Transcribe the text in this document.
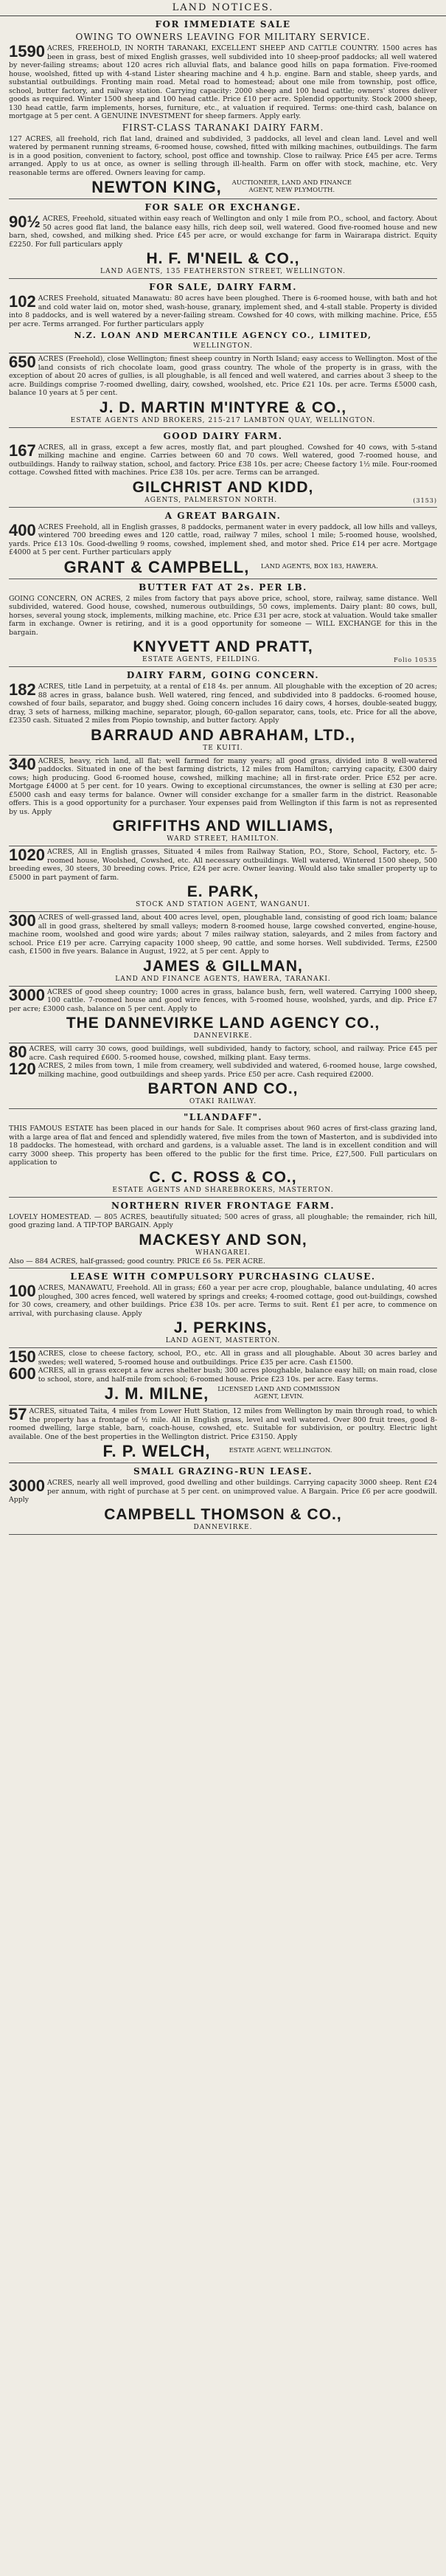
LAND NOTICES.
FOR IMMEDIATE SALE
OWING TO OWNERS LEAVING FOR MILITARY SERVICE.

1590 ACRES, FREEHOLD, IN NORTH TARANAKI, EXCELLENT SHEEP AND CATTLE COUNTRY. 1500 acres has been in grass, best of mixed English grasses, well subdivided into 10 sheep-proof paddocks; all well watered by never-failing streams; about 120 acres rich alluvial flats, and balance good hills on papa formation. Five-roomed house, woolshed, fitted up with 4-stand Lister shearing machine and 4 h.p. engine. Barn and stable, sheep yards, and substantial outbuildings. Fronting main road. Metal road to homestead; about one mile from township, post office, school, butter factory, and railway station. Carrying capacity: 2000 sheep and 100 head cattle; owners' stores deliver goods as required. Winter 1500 sheep and 100 head cattle. Price £10 per acre. Splendid opportunity. Stock 2000 sheep, 130 head cattle, farm implements, horses, furniture, etc., at valuation if required. Terms: one-third cash, balance on mortgage at 5 per cent. A GENUINE INVESTMENT for sheep farmers. Apply early.

FIRST-CLASS TARANAKI DAIRY FARM.

127 ACRES, all freehold, rich flat land, drained and subdivided, 3 paddocks, all level and clean land. Level and well watered by permanent running streams, 6-roomed house, cowshed, fitted with milking machines, outbuildings. The farm is in a good position, convenient to factory, school, post office and township. Close to railway. Price £45 per acre. Terms arranged. Apply to us at once, as owner is selling through ill-health. Farm on offer with stock, machine, etc. Very reasonable terms are offered. Owners leaving for camp.

NEWTON KING,	AUCTIONEER, LAND AND FINANCE AGENT, NEW PLYMOUTH.
FOR SALE OR EXCHANGE.

90½ ACRES, Freehold, situated within easy reach of Wellington and only 1 mile from P.O., school, and factory. About 50 acres good flat land, the balance easy hills, rich deep soil, well watered. Good five-roomed house and new barn, shed, cowshed, and milking shed. Price £45 per acre, or would exchange for farm in Wairarapa district. Equity £2250. For full particulars apply

H. F. M'NEIL & CO.,

LAND AGENTS, 135 FEATHERSTON STREET, WELLINGTON.

FOR SALE, DAIRY FARM.

102 ACRES Freehold, situated Manawatu: 80 acres have been ploughed. There is 6-roomed house, with bath and hot and cold water laid on, motor shed, wash-house, granary, implement shed, and 4-stall stable. Property is divided into 8 paddocks, and is well watered by a never-failing stream. Cowshed for 40 cows, with milking machine. Price, £55 per acre. Terms arranged. For further particulars apply

N.Z. LOAN AND MERCANTILE AGENCY CO., LIMITED,

WELLINGTON.

650 ACRES (Freehold), close Wellington; finest sheep country in North Island; easy access to Wellington. Most of the land consists of rich chocolate loam, good grass country. The whole of the property is in grass, with the exception of about 20 acres of gullies, is all ploughable, is all fenced and well watered, and carries about 3 sheep to the acre. Buildings comprise 7-roomed dwelling, dairy, cowshed, woolshed, etc. Price £21 10s. per acre. Terms £5000 cash, balance 10 years at 5 per cent.

J. D. MARTIN M'INTYRE & CO.,

ESTATE AGENTS AND BROKERS, 215-217 LAMBTON QUAY, WELLINGTON.

GOOD DAIRY FARM.

167 ACRES, all in grass, except a few acres, mostly flat, and part ploughed. Cowshed for 40 cows, with 5-stand milking machine and engine. Carries between 60 and 70 cows. Well watered, good 7-roomed house, and outbuildings. Handy to railway station, school, and factory. Price £38 10s. per acre; Cheese factory 1½ mile. Four-roomed cottage. Cowshed fitted with machines. Price £38 10s. per acre. Terms can be arranged.

GILCHRIST AND KIDD,

AGENTS, PALMERSTON NORTH.	(3153)

A GREAT BARGAIN.

400 ACRES Freehold, all in English grasses, 8 paddocks, permanent water in every paddock, all low hills and valleys, wintered 700 breeding ewes and 120 cattle, road, railway 7 miles, school 1 mile; 5-roomed house, woolshed, yards. Price £13 10s. Good-dwelling 9 rooms, cowshed, implement shed, and motor shed. Price £14 per acre. Mortgage £4000 at 5 per cent. Further particulars apply

GRANT & CAMPBELL,	LAND AGENTS, BOX 183, HAWERA.
BUTTER FAT AT 2s. PER LB.

GOING CONCERN, ON ACRES, 2 miles from factory that pays above price, school, store, railway, same distance. Well subdivided, watered. Good house, cowshed, numerous outbuildings, 50 cows, implements. Dairy plant: 80 cows, bull, horses, several young stock, implements, milking machine, etc. Price £31 per acre, stock at valuation. Would take smaller farm in exchange. Owner is retiring, and it is a good opportunity for someone — WILL EXCHANGE for this in the bargain.

KNYVETT AND PRATT,

ESTATE AGENTS, FEILDING.	Folio 10535

DAIRY FARM, GOING CONCERN.

182 ACRES, title Land in perpetuity, at a rental of £18 4s. per annum. All ploughable with the exception of 20 acres; 88 acres in grass, balance bush. Well watered, ring fenced, and subdivided into 8 paddocks. 6-roomed house, cowshed of four bails, separator, and buggy shed. Going concern includes 16 dairy cows, 4 horses, double-seated buggy, dray, 3 sets of harness, milking machine, separator, plough, 60-gallon separator, cans, tools, etc. Price for all the above, £2350 cash. Situated 2 miles from Piopio township, and butter factory. Apply

BARRAUD AND ABRAHAM, LTD.,

TE KUITI.

340 ACRES, heavy, rich land, all flat; well farmed for many years; all good grass, divided into 8 well-watered paddocks. Situated in one of the best farming districts, 12 miles from Hamilton; carrying capacity, £300 dairy cows; high producing. Good 6-roomed house, cowshed, milking machine; all in first-rate order. Price £52 per acre. Mortgage £4000 at 5 per cent. for 10 years. Owing to exceptional circumstances, the owner is selling at £30 per acre; £5000 cash and easy terms for balance. Owner will consider exchange for a smaller farm in the district. Reasonable offers. This is a good opportunity for a purchaser. Your expenses paid from Wellington if this farm is not as represented by us. Apply

GRIFFITHS AND WILLIAMS,

WARD STREET, HAMILTON.

1020 ACRES, All in English grasses, Situated 4 miles from Railway Station, P.O., Store, School, Factory, etc. 5-roomed house, Woolshed, Cowshed, etc. All necessary outbuildings. Well watered, Wintered 1500 sheep, 500 breeding ewes, 30 steers, 30 breeding cows. Price, £24 per acre. Owner leaving. Would also take smaller property up to £5000 in part payment of farm.

E. PARK,

STOCK AND STATION AGENT, WANGANUI.

300 ACRES of well-grassed land, about 400 acres level, open, ploughable land, consisting of good rich loam; balance all in good grass, sheltered by small valleys; modern 8-roomed house, large cowshed converted, engine-house, machine room, woolshed and good wire yards; about 7 miles railway station, saleyards, and 2 miles from factory and school. Price £19 per acre. Carrying capacity 1000 sheep, 90 cattle, and some horses. Well subdivided. Terms, £2500 cash, £1500 in five years. Balance in August, 1922, at 5 per cent. Apply to

JAMES & GILLMAN,

LAND AND FINANCE AGENTS, HAWERA, TARANAKI.

3000 ACRES of good sheep country; 1000 acres in grass, balance bush, fern, well watered. Carrying 1000 sheep, 100 cattle. 7-roomed house and good wire fences, with 5-roomed house, woolshed, yards, and dip. Price £7 per acre; £3000 cash, balance on 5 per cent. Apply to

THE DANNEVIRKE LAND AGENCY CO.,

DANNEVIRKE.

80 ACRES, will carry 30 cows, good buildings, well subdivided, handy to factory, school, and railway. Price £45 per acre. Cash required £600. 5-roomed house, cowshed, milking plant. Easy terms.

120 ACRES, 2 miles from town, 1 mile from creamery, well subdivided and watered, 6-roomed house, large cowshed, milking machine, good outbuildings and sheep yards. Price £50 per acre. Cash required £2000.

BARTON AND CO.,

OTAKI RAILWAY.

"LLANDAFF".

THIS FAMOUS ESTATE has been placed in our hands for Sale. It comprises about 960 acres of first-class grazing land, with a large area of flat and fenced and splendidly watered, five miles from the town of Masterton, and is subdivided into 18 paddocks. The homestead, with orchard and gardens, is a valuable asset. The land is in excellent condition and will carry 3000 sheep. This property has been offered to the public for the first time. Price, £27,500. Full particulars on application to

C. C. ROSS & CO.,

ESTATE AGENTS AND SHAREBROKERS, MASTERTON.

NORTHERN RIVER FRONTAGE FARM.

LOVELY HOMESTEAD. — 805 ACRES, beautifully situated; 500 acres of grass, all ploughable; the remainder, rich hill, good grazing land. A TIP-TOP BARGAIN. Apply

MACKESY AND SON,

WHANGAREI.

Also — 884 ACRES, half-grassed; good country. PRICE £6 5s. PER ACRE.

LEASE WITH COMPULSORY PURCHASING CLAUSE.

100 ACRES, MANAWATU, Freehold. All in grass; £60 a year per acre crop, ploughable, balance undulating, 40 acres ploughed, 300 acres fenced, well watered by springs and creeks; 4-roomed cottage, good out-buildings, cowshed for 30 cows, creamery, and other buildings. Price £38 10s. per acre. Terms to suit. Rent £1 per acre, to commence on arrival, with purchasing clause. Apply

J. PERKINS,

LAND AGENT, MASTERTON.

150 ACRES, close to cheese factory, school, P.O., etc. All in grass and all ploughable. About 30 acres barley and swedes; well watered, 5-roomed house and outbuildings. Price £35 per acre. Cash £1500.

600 ACRES, all in grass except a few acres shelter bush; 300 acres ploughable, balance easy hill; on main road, close to school, store, and half-mile from school; 6-roomed house. Price £23 10s. per acre. Easy terms.

J. M. MILNE, LICENSED LAND AND COMMISSION AGENT, LEVIN.

57 ACRES, situated Taita, 4 miles from Lower Hutt Station, 12 miles from Wellington by main through road, to which the property has a frontage of ½ mile. All in English grass, level and well watered. Over 800 fruit trees, good 8-roomed dwelling, large stable, barn, coach-house, cowshed, etc. Suitable for subdivision, or poultry. Electric light available. One of the best properties in the Wellington district. Price £3150. Apply

F. P. WELCH,	ESTATE AGENT, WELLINGTON.
SMALL GRAZING-RUN LEASE.

3000 ACRES, nearly all well improved, good dwelling and other buildings. Carrying capacity 3000 sheep. Rent £24 per annum, with right of purchase at 5 per cent. on unimproved value. A Bargain. Price £6 per acre goodwill. Apply

CAMPBELL THOMSON & CO.,

DANNEVIRKE.
